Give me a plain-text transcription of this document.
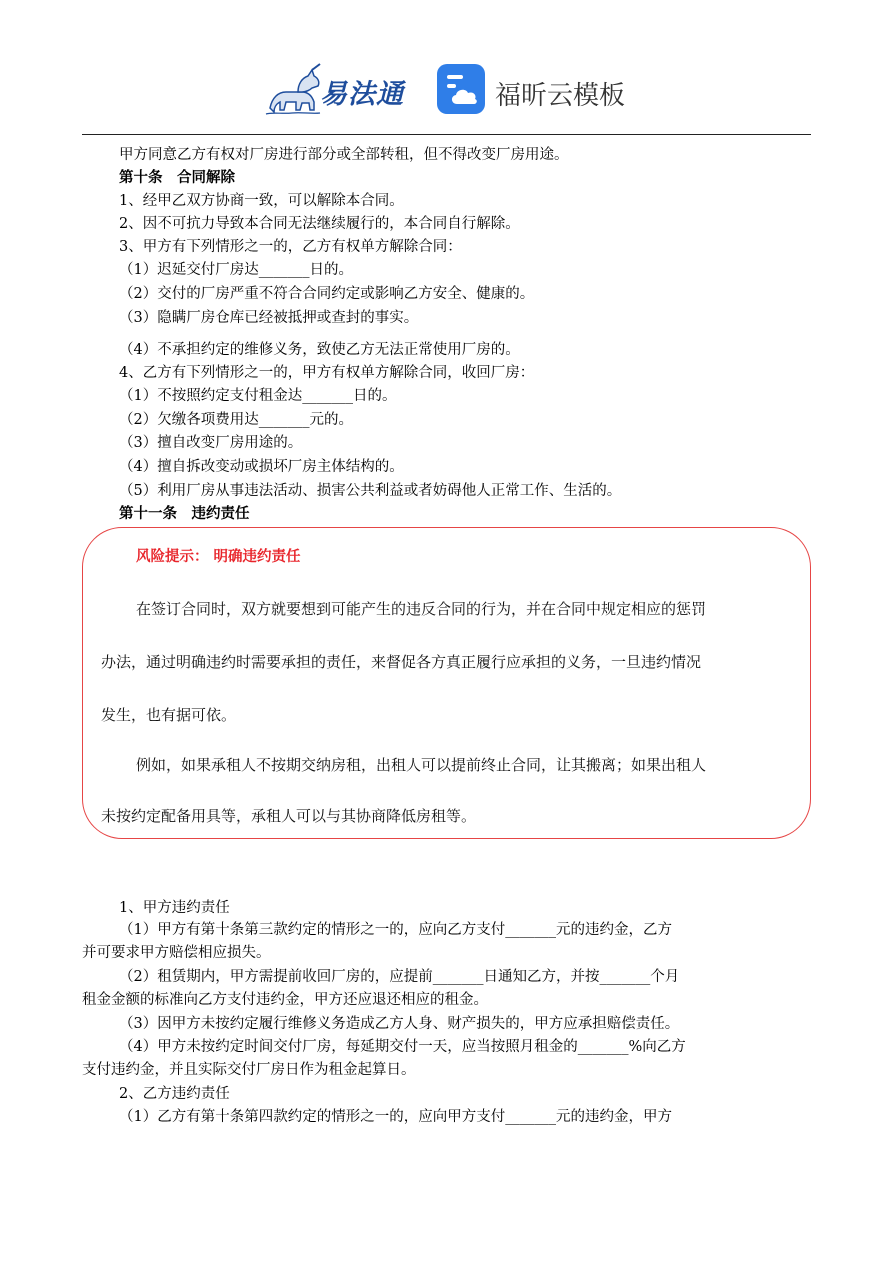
易法通	福昕云模板
甲方同意乙方有权对厂房进行部分或全部转租，但不得改变厂房用途。
第十条　合同解除
1、经甲乙双方协商一致，可以解除本合同。
2、因不可抗力导致本合同无法继续履行的，本合同自行解除。
3、甲方有下列情形之一的，乙方有权单方解除合同：
（1）迟延交付厂房达_______日的。
（2）交付的厂房严重不符合合同约定或影响乙方安全、健康的。
（3）隐瞒厂房仓库已经被抵押或查封的事实。
（4）不承担约定的维修义务，致使乙方无法正常使用厂房的。
4、乙方有下列情形之一的，甲方有权单方解除合同，收回厂房：
（1）不按照约定支付租金达_______日的。
（2）欠缴各项费用达_______元的。
（3）擅自改变厂房用途的。
（4）擅自拆改变动或损坏厂房主体结构的。
（5）利用厂房从事违法活动、损害公共利益或者妨碍他人正常工作、生活的。
第十一条　违约责任
风险提示： 明确违约责任
在签订合同时，双方就要想到可能产生的违反合同的行为，并在合同中规定相应的惩罚
办法，通过明确违约时需要承担的责任，来督促各方真正履行应承担的义务，一旦违约情况
发生，也有据可依。
例如，如果承租人不按期交纳房租，出租人可以提前终止合同，让其搬离；如果出租人
未按约定配备用具等，承租人可以与其协商降低房租等。
1、甲方违约责任
（1）甲方有第十条第三款约定的情形之一的，应向乙方支付_______元的违约金，乙方
并可要求甲方赔偿相应损失。
（2）租赁期内，甲方需提前收回厂房的，应提前_______日通知乙方，并按_______个月
租金金额的标准向乙方支付违约金，甲方还应退还相应的租金。
（3）因甲方未按约定履行维修义务造成乙方人身、财产损失的，甲方应承担赔偿责任。
（4）甲方未按约定时间交付厂房，每延期交付一天，应当按照月租金的_______%向乙方
支付违约金，并且实际交付厂房日作为租金起算日。
2、乙方违约责任
（1）乙方有第十条第四款约定的情形之一的，应向甲方支付_______元的违约金，甲方
